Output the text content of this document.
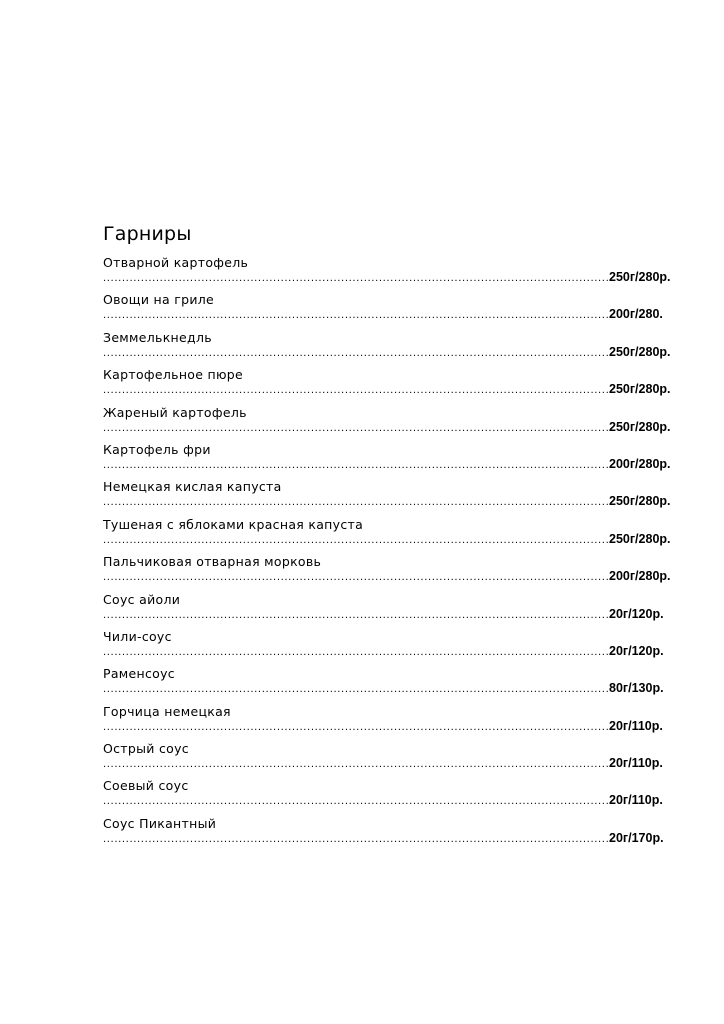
Гарниры
Отварной картофель
.....
250г/280р.
Овощи на гриле
.....
200г/280.
Земмелькнедль
.....
250г/280р.
Картофельное пюре
.....
250г/280р.
Жареный картофель
.....
250г/280р.
Картофель фри
.....
200г/280р.
Немецкая кислая капуста
.....
250г/280р.
Тушеная с яблоками красная капуста
.....
250г/280р.
Пальчиковая отварная морковь
.....
200г/280р.
Соус айоли
.....
20г/120р.
Чили-соус
.....
20г/120р.
Раменсоус
.....
80г/130р.
Горчица немецкая
.....
20г/110р.
Острый соус
.....
20г/110р.
Соевый соус
.....
20г/110р.
Соус Пикантный
.....
20г/170р.
